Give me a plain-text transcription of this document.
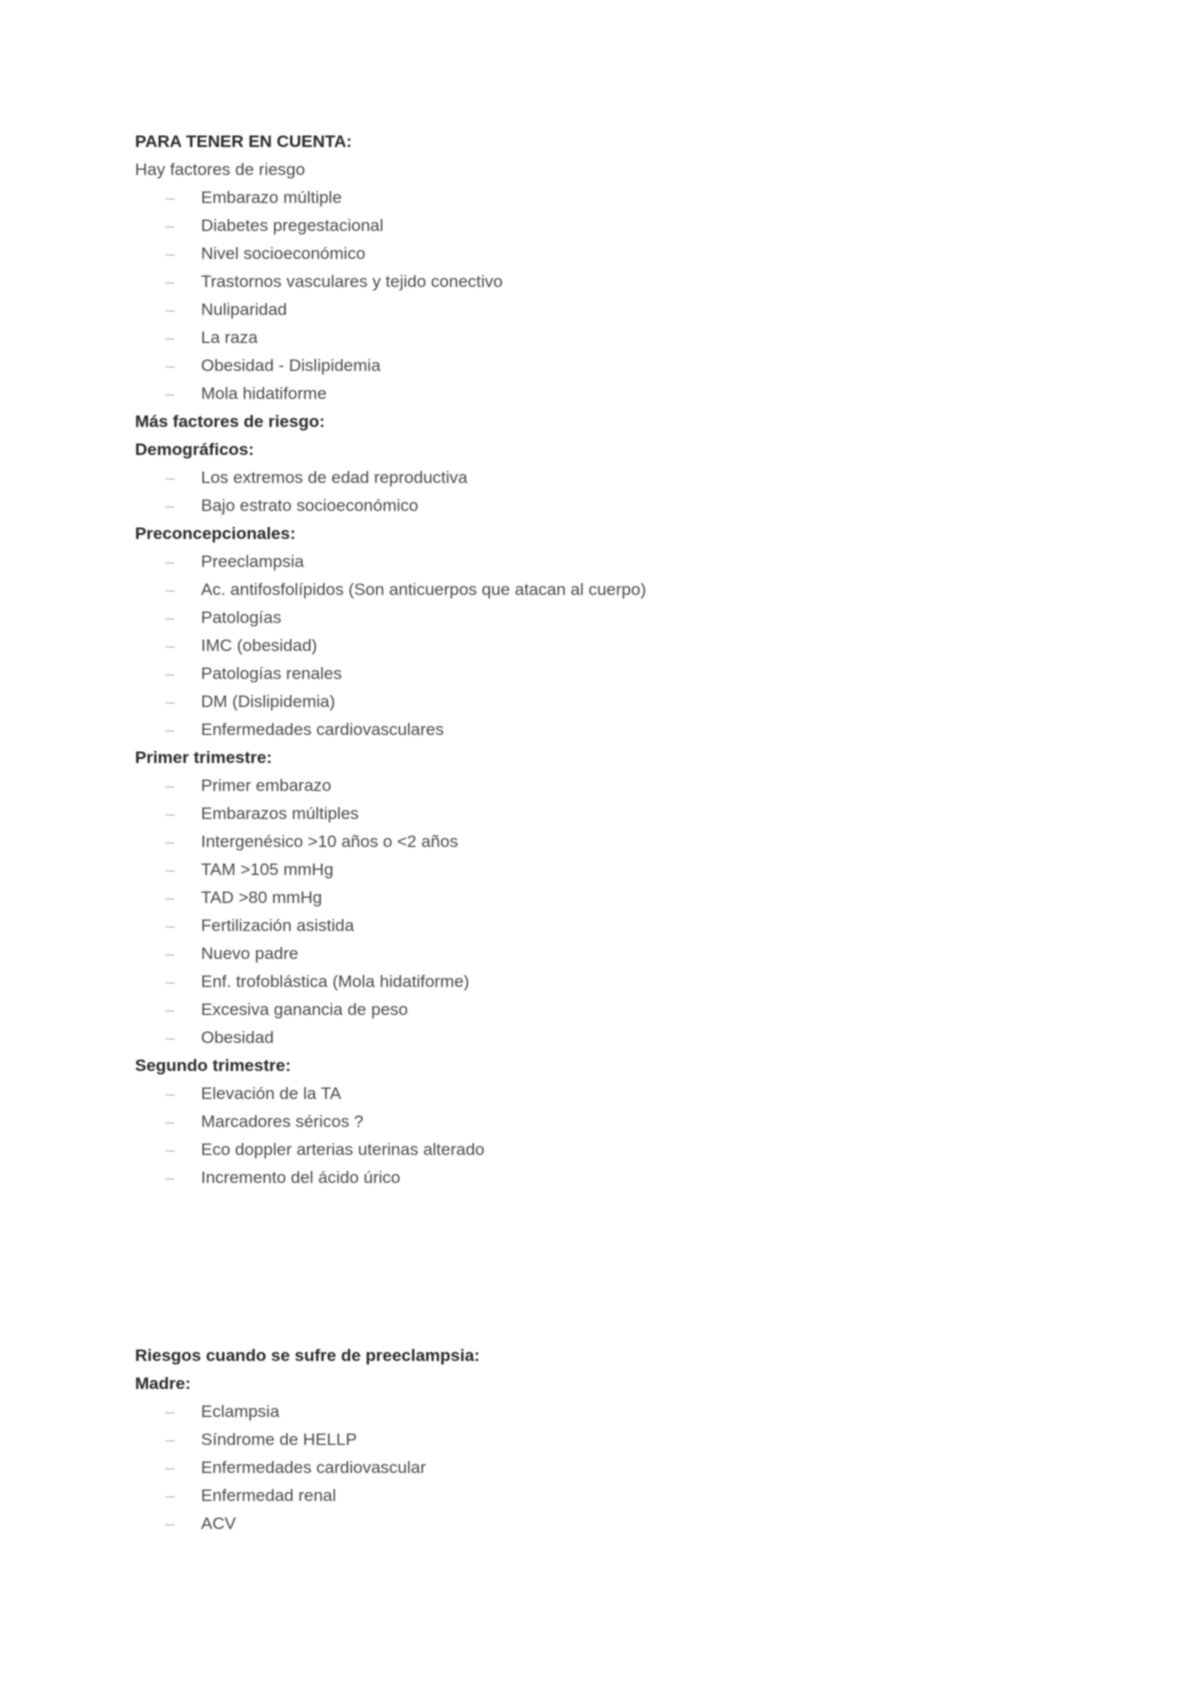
PARA TENER EN CUENTA:
Hay factores de riesgo
–	Embarazo múltiple
–	Diabetes pregestacional
–	Nivel socioeconómico
–	Trastornos vasculares y tejido conectivo
–	Nuliparidad
–	La raza
–	Obesidad - Dislipidemia
–	Mola hidatiforme
Más factores de riesgo:
Demográficos:
–	Los extremos de edad reproductiva
–	Bajo estrato socioeconómico
Preconcepcionales:
–	Preeclampsia
–	Ac. antifosfolípidos (Son anticuerpos que atacan al cuerpo)
–	Patologías
–	IMC (obesidad)
–	Patologías renales
–	DM (Dislipidemia)
–	Enfermedades cardiovasculares
Primer trimestre:
–	Primer embarazo
–	Embarazos múltiples
–	Intergenésico >10 años o <2 años
–	TAM >105 mmHg
–	TAD >80 mmHg
–	Fertilización asistida
–	Nuevo padre
–	Enf. trofoblástica (Mola hidatiforme)
–	Excesiva ganancia de peso
–	Obesidad
Segundo trimestre:
–	Elevación de la TA
–	Marcadores séricos ?
–	Eco doppler arterias uterinas alterado
–	Incremento del ácido úrico
Riesgos cuando se sufre de preeclampsia:
Madre:
–	Eclampsia
–	Síndrome de HELLP
–	Enfermedades cardiovascular
–	Enfermedad renal
–	ACV
